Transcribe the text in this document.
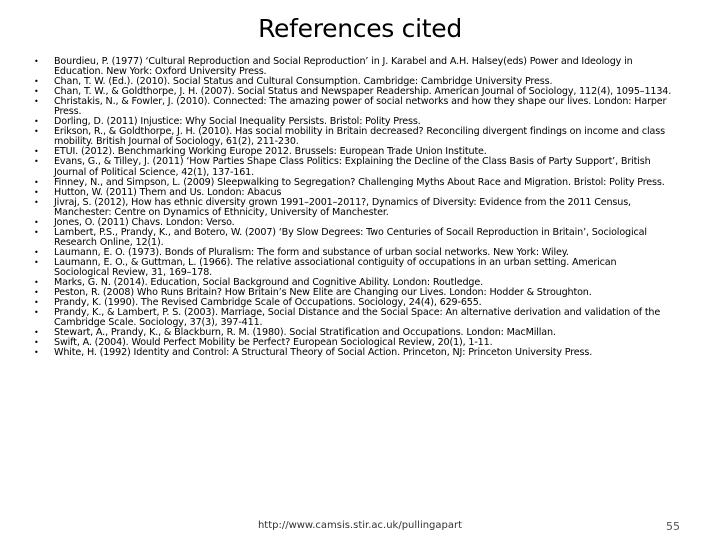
References cited
• Bourdieu, P. (1977) ‘Cultural Reproduction and Social Reproduction’ in J. Karabel and A.H. Halsey(eds) Power and Ideology in Education. New York: Oxford University Press.
• Chan, T. W. (Ed.). (2010). Social Status and Cultural Consumption. Cambridge: Cambridge University Press.
• Chan, T. W., & Goldthorpe, J. H. (2007). Social Status and Newspaper Readership. American Journal of Sociology, 112(4), 1095–1134.
• Christakis, N., & Fowler, J. (2010). Connected: The amazing power of social networks and how they shape our lives. London: Harper Press.
• Dorling, D. (2011) Injustice: Why Social Inequality Persists. Bristol: Polity Press.
• Erikson, R., & Goldthorpe, J. H. (2010). Has social mobility in Britain decreased? Reconciling divergent findings on income and class mobility. British Journal of Sociology, 61(2), 211-230.
• ETUI. (2012). Benchmarking Working Europe 2012. Brussels: European Trade Union Institute.
• Evans, G., & Tilley, J. (2011) ‘How Parties Shape Class Politics: Explaining the Decline of the Class Basis of Party Support’, British Journal of Political Science, 42(1), 137-161.
• Finney, N., and Simpson, L. (2009) Sleepwalking to Segregation? Challenging Myths About Race and Migration. Bristol: Polity Press.
• Hutton, W. (2011) Them and Us. London: Abacus
• Jivraj, S. (2012), How has ethnic diversity grown 1991–2001–2011?, Dynamics of Diversity: Evidence from the 2011 Census, Manchester: Centre on Dynamics of Ethnicity, University of Manchester.
• Jones, O. (2011) Chavs. London: Verso.
• Lambert, P.S., Prandy, K., and Botero, W. (2007) ‘By Slow Degrees: Two Centuries of Socail Reproduction in Britain’, Sociological Research Online, 12(1).
• Laumann, E. O. (1973). Bonds of Pluralism: The form and substance of urban social networks. New York: Wiley.
• Laumann, E. O., & Guttman, L. (1966). The relative associational contiguity of occupations in an urban setting. American Sociological Review, 31, 169–178.
• Marks, G. N. (2014). Education, Social Background and Cognitive Ability. London: Routledge.
• Peston, R. (2008) Who Runs Britain? How Britain’s New Elite are Changing our Lives. London: Hodder & Stroughton.
• Prandy, K. (1990). The Revised Cambridge Scale of Occupations. Sociology, 24(4), 629-655.
• Prandy, K., & Lambert, P. S. (2003). Marriage, Social Distance and the Social Space: An alternative derivation and validation of the Cambridge Scale. Sociology, 37(3), 397-411.
• Stewart, A., Prandy, K., & Blackburn, R. M. (1980). Social Stratification and Occupations. London: MacMillan.
• Swift, A. (2004). Would Perfect Mobility be Perfect? European Sociological Review, 20(1), 1-11.
• White, H. (1992) Identity and Control: A Structural Theory of Social Action. Princeton, NJ: Princeton University Press.
http://www.camsis.stir.ac.uk/pullingapart	55
